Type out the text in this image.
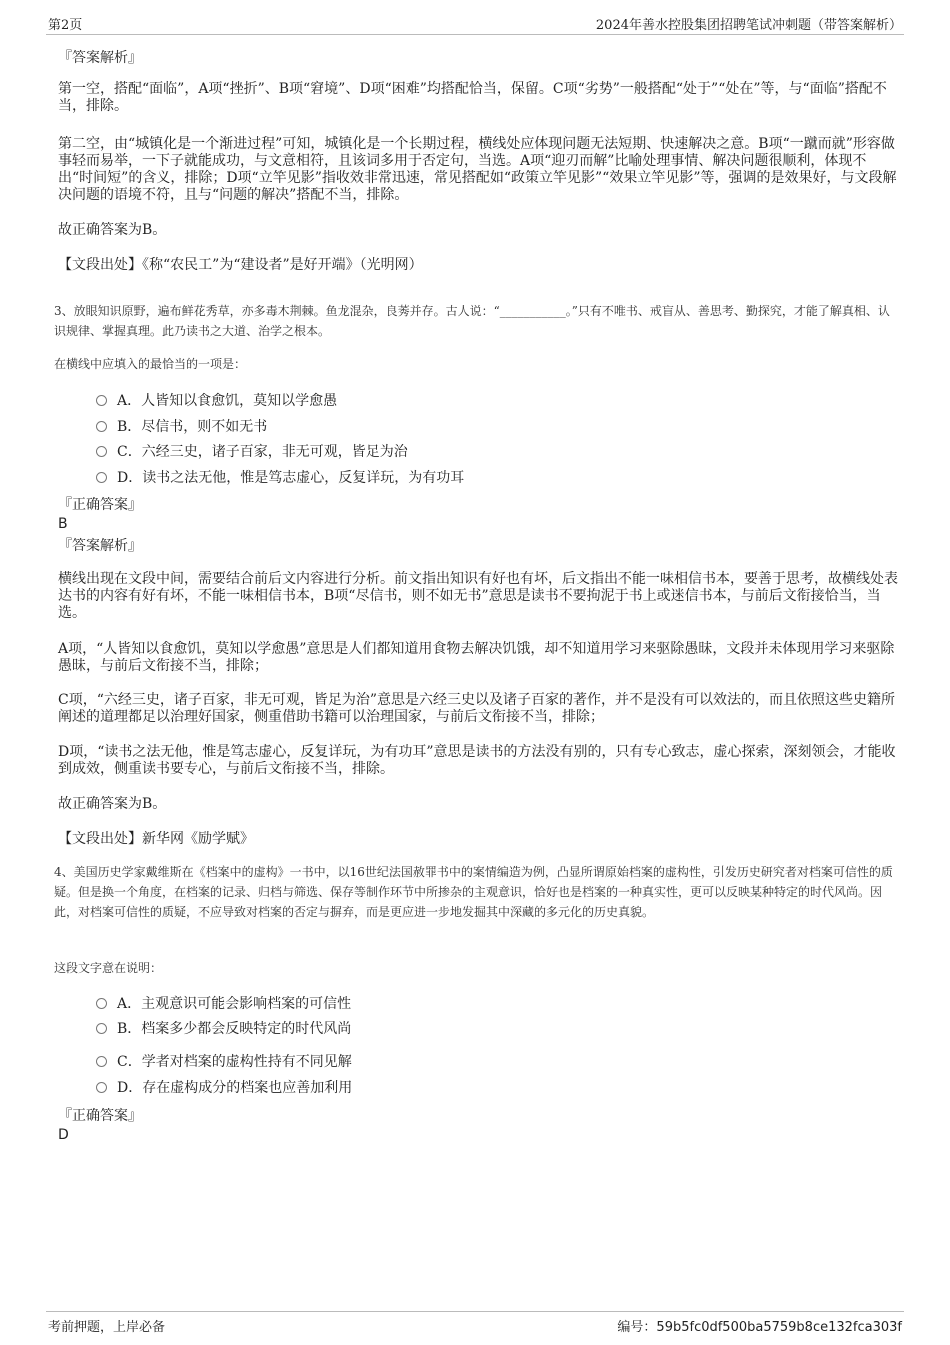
第2页	2024年善水控股集团招聘笔试冲刺题（带答案解析）

『答案解析』

第一空，搭配“面临”，A项“挫折”、B项“窘境”、D项“困难”均搭配恰当，保留。C项“劣势”一般搭配“处于”“处在”等，与“面临”搭配不当，排除。

第二空，由“城镇化是一个渐进过程”可知，城镇化是一个长期过程，横线处应体现问题无法短期、快速解决之意。B项“一蹴而就”形容做事轻而易举，一下子就能成功，与文意相符，且该词多用于否定句，当选。A项“迎刃而解”比喻处理事情、解决问题很顺利，体现不出“时间短”的含义，排除；D项“立竿见影”指收效非常迅速，常见搭配如“政策立竿见影”“效果立竿见影”等，强调的是效果好，与文段解决问题的语境不符，且与“问题的解决”搭配不当，排除。

故正确答案为B。

【文段出处】《称“农民工”为“建设者”是好开端》（光明网）

3、放眼知识原野，遍布鲜花秀草，亦多毒木荆棘。鱼龙混杂，良莠并存。古人说：“___________。”只有不唯书、戒盲从、善思考、勤探究，才能了解真相、认识规律、掌握真理。此乃读书之大道、治学之根本。

在横线中应填入的最恰当的一项是：

A．人皆知以食愈饥，莫知以学愈愚
B．尽信书，则不如无书
C．六经三史，诸子百家，非无可观，皆足为治
D．读书之法无他，惟是笃志虚心，反复详玩，为有功耳
『正确答案』
B
『答案解析』

横线出现在文段中间，需要结合前后文内容进行分析。前文指出知识有好也有坏，后文指出不能一味相信书本，要善于思考，故横线处表达书的内容有好有坏，不能一味相信书本，B项“尽信书，则不如无书”意思是读书不要拘泥于书上或迷信书本，与前后文衔接恰当，当选。

A项，“人皆知以食愈饥，莫知以学愈愚”意思是人们都知道用食物去解决饥饿，却不知道用学习来驱除愚昧，文段并未体现用学习来驱除愚昧，与前后文衔接不当，排除；

C项，“六经三史，诸子百家，非无可观，皆足为治”意思是六经三史以及诸子百家的著作，并不是没有可以效法的，而且依照这些史籍所阐述的道理都足以治理好国家，侧重借助书籍可以治理国家，与前后文衔接不当，排除；

D项，“读书之法无他，惟是笃志虚心，反复详玩，为有功耳”意思是读书的方法没有别的，只有专心致志，虚心探索，深刻领会，才能收到成效，侧重读书要专心，与前后文衔接不当，排除。

故正确答案为B。

【文段出处】新华网《励学赋》

4、美国历史学家戴维斯在《档案中的虚构》一书中，以16世纪法国赦罪书中的案情编造为例，凸显所谓原始档案的虚构性，引发历史研究者对档案可信性的质疑。但是换一个角度，在档案的记录、归档与筛选、保存等制作环节中所掺杂的主观意识，恰好也是档案的一种真实性，更可以反映某种特定的时代风尚。因此，对档案可信性的质疑，不应导致对档案的否定与摒弃，而是更应进一步地发掘其中深藏的多元化的历史真貌。

这段文字意在说明：

A．主观意识可能会影响档案的可信性
B．档案多少都会反映特定的时代风尚
C．学者对档案的虚构性持有不同见解
D．存在虚构成分的档案也应善加利用
『正确答案』
D
考前押题，上岸必备	编号：59b5fc0df500ba5759b8ce132fca303f
